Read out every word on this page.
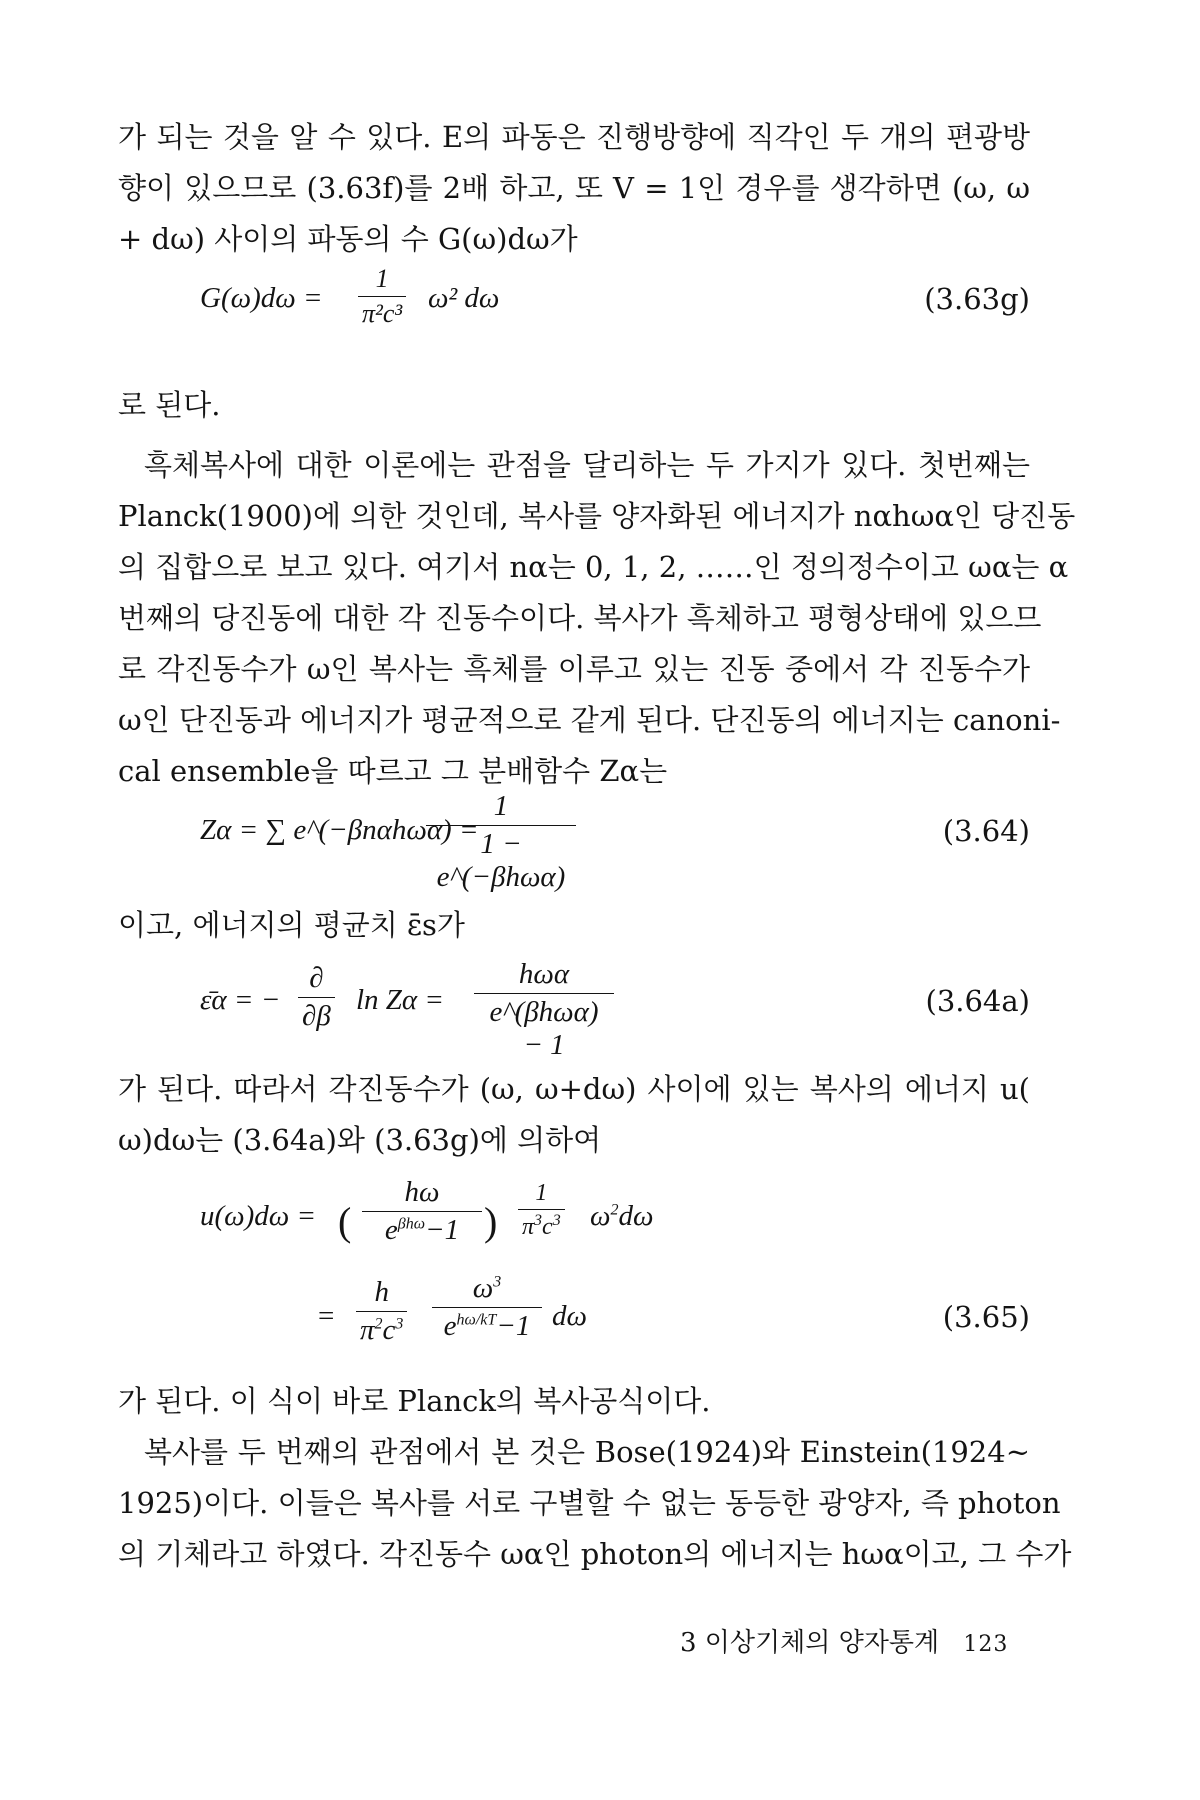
가 되는 것을 알 수 있다. E의 파동은 진행방향에 직각인 두 개의 편광방
향이 있으므로 (3.63f)를 2배 하고, 또 V = 1인 경우를 생각하면 (ω, ω
+ dω) 사이의 파동의 수 G(ω)dω가
$G(\omega)d\omega = \frac{1}{\text{π²c³}} \omega^2$ dω	(3.63g)
로 된다.
흑체복사에 대한 이론에는 관점을 달리하는 두 가지가 있다. 첫번째는
Planck(1900)에 의한 것인데, 복사를 양자화된 에너지가 nαhωα인 당진동
의 집합으로 보고 있다. 여기서 nα는 0, 1, 2, ……인 정의정수이고 ωα는 α
번째의 당진동에 대한 각 진동수이다. 복사가 흑체하고 평형상태에 있으므
로 각진동수가 ω인 복사는 흑체를 이루고 있는 진동 중에서 각 진동수가
ω인 단진동과 에너지가 평균적으로 같게 된다. 단진동의 에너지는 canoni-
cal ensemble을 따르고 그 분배함수 Zα는
Zα = ∑ e^(−βnαhωα) =
1
1 − e^(−βhωα)
(3.64)
이고, 에너지의 평균치 ε̄s가
ε̄α = −
∂
∂β ln Zα =
hωα
e^(βhωα) − 1
(3.64a)
가 된다. 따라서 각진동수가 (ω, ω+dω) 사이에 있는 복사의 에너지 u(
ω)dω는 (3.64a)와 (3.63g)에 의하여
u(ω)dω = (
hω
$e^{\beta h\omega}-1$ ) $\frac{1}{\pi^3c^3} \omega^2d\omega$
= $\frac{h}{\pi^2c^3}$	$\omega^3$
$e^{h\omega/kT}-1$ dω	(3.65)
가 된다. 이 식이 바로 Planck의 복사공식이다.
복사를 두 번째의 관점에서 본 것은 Bose(1924)와 Einstein(1924~
1925)이다. 이들은 복사를 서로 구별할 수 없는 동등한 광양자, 즉 photon
의 기체라고 하였다. 각진동수 ωα인 photon의 에너지는 hωα이고, 그 수가
3 이상기체의 양자통계 123
